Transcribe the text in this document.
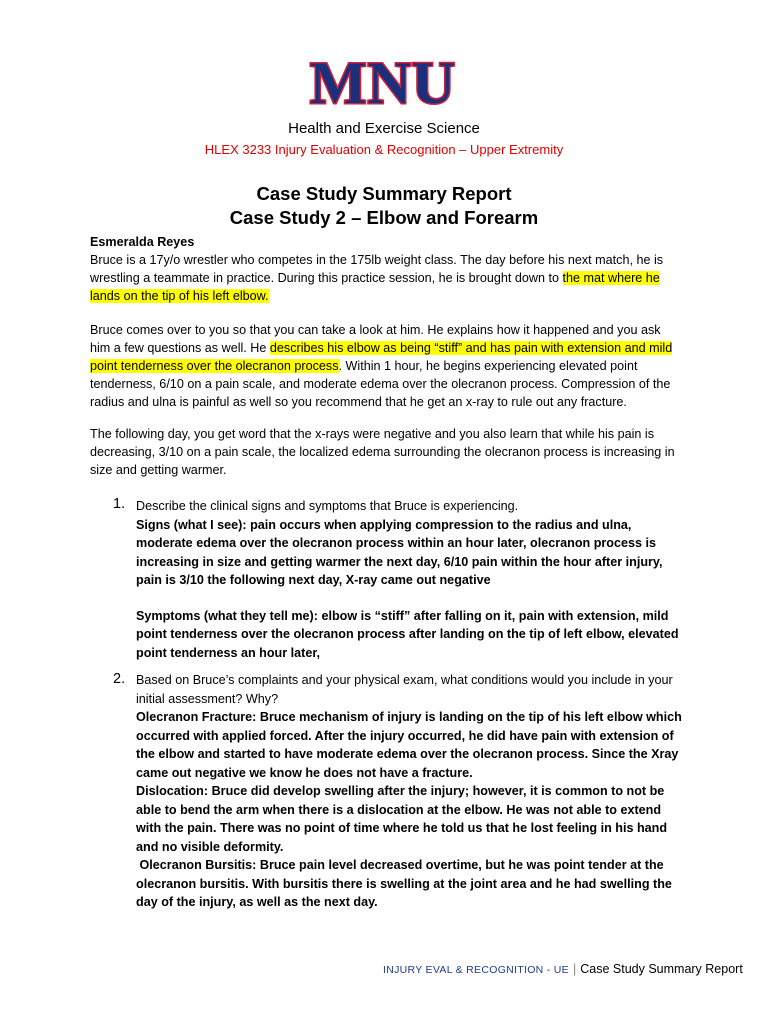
MNU
Health and Exercise Science
HLEX 3233 Injury Evaluation & Recognition – Upper Extremity
Case Study Summary Report
Case Study 2 – Elbow and Forearm
Esmeralda Reyes
Bruce is a 17y/o wrestler who competes in the 175lb weight class. The day before his next match, he is wrestling a teammate in practice. During this practice session, he is brought down to the mat where he lands on the tip of his left elbow.
Bruce comes over to you so that you can take a look at him. He explains how it happened and you ask him a few questions as well. He describes his elbow as being “stiff” and has pain with extension and mild point tenderness over the olecranon process. Within 1 hour, he begins experiencing elevated point tenderness, 6/10 on a pain scale, and moderate edema over the olecranon process. Compression of the radius and ulna is painful as well so you recommend that he get an x-ray to rule out any fracture.
The following day, you get word that the x-rays were negative and you also learn that while his pain is decreasing, 3/10 on a pain scale, the localized edema surrounding the olecranon process is increasing in size and getting warmer.
1. Describe the clinical signs and symptoms that Bruce is experiencing.
Signs (what I see): pain occurs when applying compression to the radius and ulna, moderate edema over the olecranon process within an hour later, olecranon process is increasing in size and getting warmer the next day, 6/10 pain within the hour after injury, pain is 3/10 the following next day, X-ray came out negative
Symptoms (what they tell me): elbow is “stiff” after falling on it, pain with extension, mild point tenderness over the olecranon process after landing on the tip of left elbow, elevated point tenderness an hour later,
2. Based on Bruce’s complaints and your physical exam, what conditions would you include in your initial assessment? Why?
Olecranon Fracture: Bruce mechanism of injury is landing on the tip of his left elbow which occurred with applied forced. After the injury occurred, he did have pain with extension of the elbow and started to have moderate edema over the olecranon process. Since the Xray came out negative we know he does not have a fracture.
Dislocation: Bruce did develop swelling after the injury; however, it is common to not be able to bend the arm when there is a dislocation at the elbow. He was not able to extend with the pain. There was no point of time where he told us that he lost feeling in his hand and no visible deformity.
Olecranon Bursitis: Bruce pain level decreased overtime, but he was point tender at the olecranon bursitis. With bursitis there is swelling at the joint area and he had swelling the day of the injury, as well as the next day.
INJURY EVAL & RECOGNITION - UE | Case Study Summary Report
